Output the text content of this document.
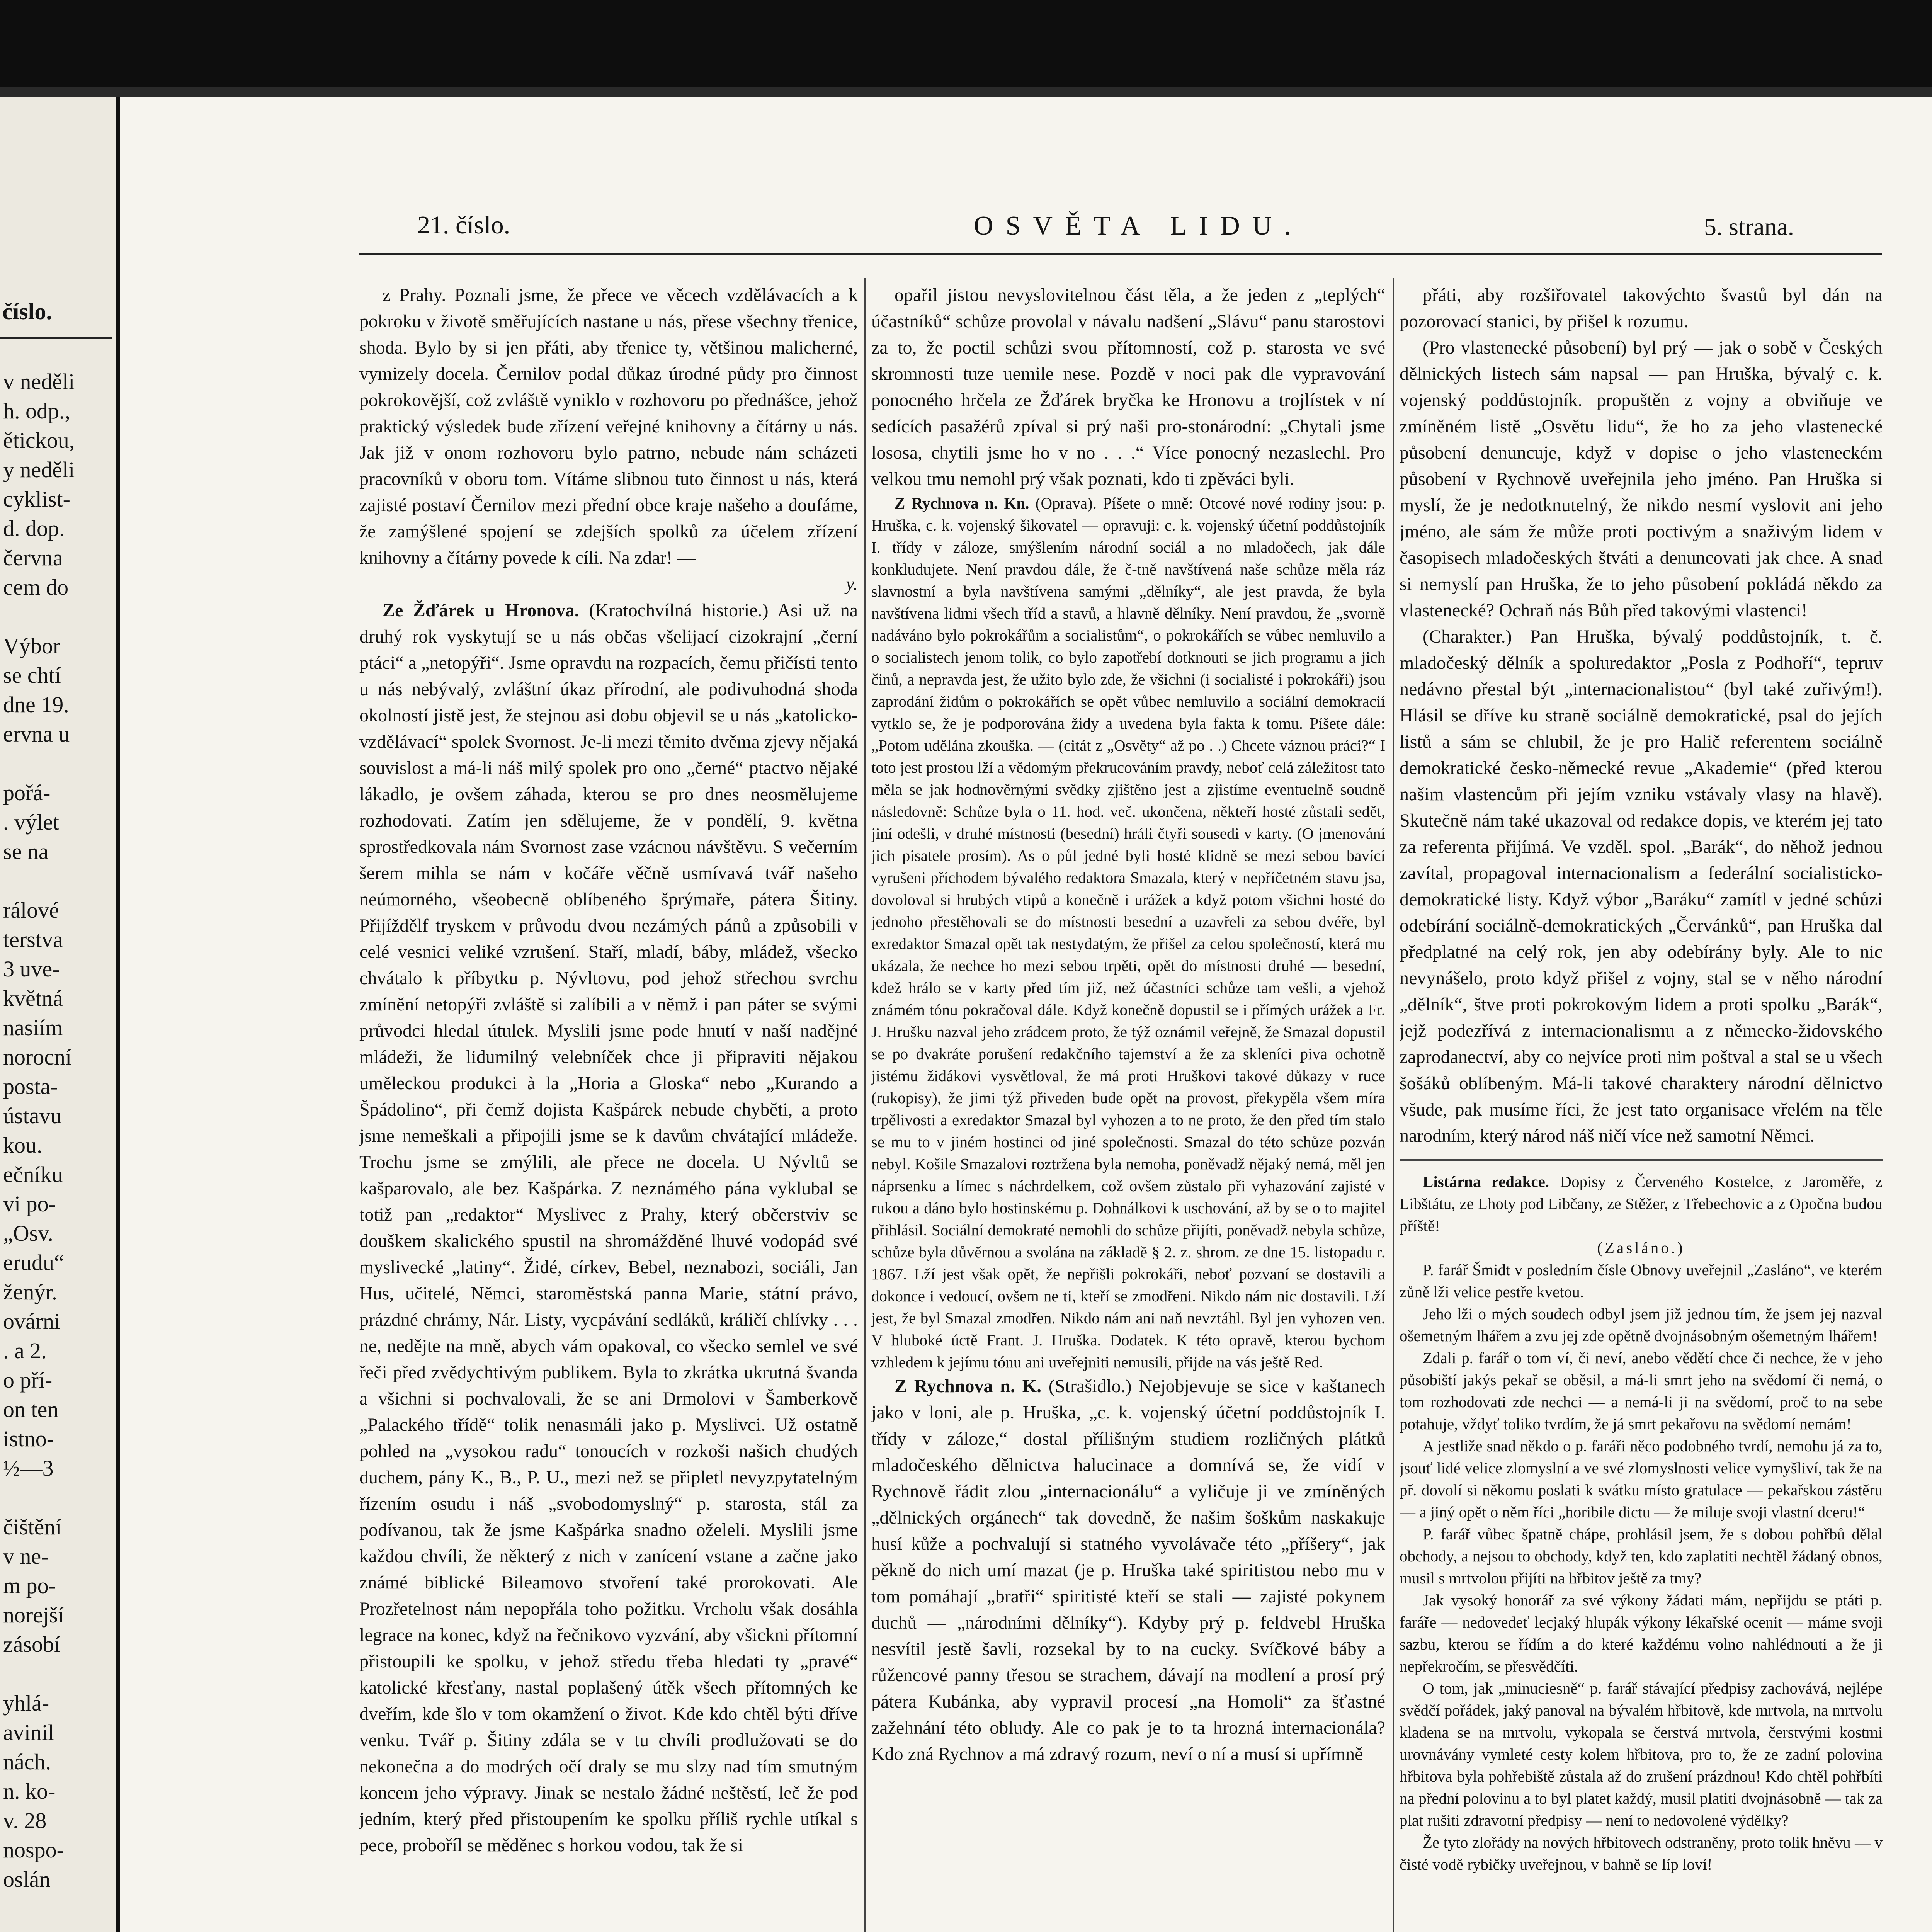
číslo.
v neděli
h. odp.,
ětickou,
y neděli
cyklist-
d. dop.
června
cem do

Výbor
se chtí
dne 19.
ervna u

pořá-
. výlet
se na

rálové
terstva
3 uve-
květná
nasiím
norocní
posta-
ústavu
kou.
ečníku
vi po-
„Osv.
erudu“
ženýr.
ovárni
. a 2.
o pří-
on ten
istno-
½—3

čištění
v ne-
m po-
norejší
zásobí

yhlá-
avinil
nách.
n. ko-
v. 28
nospo-
oslán

21. číslo.	OSVĚTA LIDU.	5. strana.

z Prahy. Poznali jsme, že přece ve věcech vzdělávacích a k pokroku v životě směřujících nastane u nás, přese všechny třenice, shoda. Bylo by si jen přáti, aby třenice ty, většinou malicherné, vymizely docela. Černilov podal důkaz úrodné půdy pro činnost pokrokovější, což zvláště vyniklo v rozhovoru po přednášce, jehož praktický výsledek bude zřízení veřejné knihovny a čítárny u nás. Jak již v onom rozhovoru bylo patrno, nebude nám scházeti pracovníků v oboru tom. Vítáme slibnou tuto činnost u nás, která zajisté postaví Černilov mezi přední obce kraje našeho a doufáme, že zamýšlené spojení se zdejších spolků za účelem zřízení knihovny a čítárny povede k cíli. Na zdar! —

y.

Ze Žďárek u Hronova. (Kratochvílná historie.) Asi už na druhý rok vyskytují se u nás občas všelijací cizokrajní „černí ptáci“ a „netopýři“. Jsme opravdu na rozpacích, čemu přičísti tento u nás nebývalý, zvláštní úkaz přírodní, ale podivuhodná shoda okolností jistě jest, že stejnou asi dobu objevil se u nás „katolicko-vzdělávací“ spolek Svornost. Je-li mezi těmito dvěma zjevy nějaká souvislost a má-li náš milý spolek pro ono „černé“ ptactvo nějaké lákadlo, je ovšem záhada, kterou se pro dnes neosmělujeme rozhodovati. Zatím jen sdělujeme, že v pondělí, 9. května sprostředkovala nám Svornost zase vzácnou návštěvu. S večerním šerem mihla se nám v kočáře věčně usmívavá tvář našeho neúmorného, všeobecně oblíbeného šprýmaře, pátera Šitiny. Přijíždělf tryskem v průvodu dvou nezámých pánů a způsobili v celé vesnici veliké vzrušení. Staří, mladí, báby, mládež, všecko chvátalo k příbytku p. Nývltovu, pod jehož střechou svrchu zmínění netopýři zvláště si zalíbili a v němž i pan páter se svými průvodci hledal útulek. Myslili jsme pode hnutí v naší nadějné mládeži, že lidumilný velebníček chce ji připraviti nějakou uměleckou produkci à la „Horia a Gloska“ nebo „Kurando a Špádolino“, při čemž dojista Kašpárek nebude chyběti, a proto jsme nemeškali a připojili jsme se k davům chvátající mládeže. Trochu jsme se zmýlili, ale přece ne docela. U Nývltů se kašparovalo, ale bez Kašpárka. Z neznámého pána vyklubal se totiž pan „redaktor“ Myslivec z Prahy, který občerstviv se douškem skalického spustil na shromážděné lhuvé vodopád své myslivecké „latiny“. Židé, církev, Bebel, neznabozi, sociáli, Jan Hus, učitelé, Němci, staroměstská panna Marie, státní právo, prázdné chrámy, Nár. Listy, vycpávání sedláků, králičí chlívky . . . ne, nedějte na mně, abych vám opakoval, co všecko semlel ve své řeči před zvědychtivým publikem. Byla to zkrátka ukrutná švanda a všichni si pochvalovali, že se ani Drmolovi v Šamberkově „Palackého třídě“ tolik nenasmáli jako p. Myslivci. Už ostatně pohled na „vysokou radu“ tonoucích v rozkoši našich chudých duchem, pány K., B., P. U., mezi než se připletl nevyzpytatelným řízením osudu i náš „svobodomyslný“ p. starosta, stál za podívanou, tak že jsme Kašpárka snadno oželeli. Myslili jsme každou chvíli, že některý z nich v zanícení vstane a začne jako známé biblické Bileamovo stvoření také prorokovati. Ale Prozřetelnost nám nepopřála toho požitku. Vrcholu však dosáhla legrace na konec, když na řečnikovo vyzvání, aby všickni přítomní přistoupili ke spolku, v jehož středu třeba hledati ty „pravé“ katolické křesťany, nastal poplašený útěk všech přítomných ke dveřím, kde šlo v tom okamžení o život. Kde kdo chtěl býti dříve venku. Tvář p. Šitiny zdála se v tu chvíli prodlužovati se do nekonečna a do modrých očí draly se mu slzy nad tím smutným koncem jeho výpravy. Jinak se nestalo žádné neštěstí, leč že pod jedním, který před přistoupením ke spolku příliš rychle utíkal s pece, proboříl se měděnec s horkou vodou, tak že si

opařil jistou nevyslovitelnou část těla, a že jeden z „teplých“ účastníků“ schůze provolal v návalu nadšení „Slávu“ panu starostovi za to, že poctil schůzi svou přítomností, což p. starosta ve své skromnosti tuze uemile nese. Pozdě v noci pak dle vypravování ponocného hrčela ze Žďárek bryčka ke Hronovu a trojlístek v ní sedících pasažérů zpíval si prý naši pro-stonárodní: „Chytali jsme lososa, chytili jsme ho v no . . .“ Více ponocný nezaslechl. Pro velkou tmu nemohl prý však poznati, kdo ti zpěváci byli.

Z Rychnova n. Kn. (Oprava). Píšete o mně: Otcové nové rodiny jsou: p. Hruška, c. k. vojenský šikovatel — opravuji: c. k. vojenský účetní poddůstojník I. třídy v záloze, smýšlením národní sociál a no mladočech, jak dále konkludujete. Není pravdou dále, že č-tně navštívená naše schůze měla ráz slavnostní a byla navštívena samými „dělníky“, ale jest pravda, že byla navštívena lidmi všech tříd a stavů, a hlavně dělníky. Není pravdou, že „svorně nadáváno bylo pokrokářům a socialistům“, o pokrokářích se vůbec nemluvilo a o socialistech jenom tolik, co bylo zapotřebí dotknouti se jich programu a jich činů, a nepravda jest, že užito bylo zde, že všichni (i socialisté i pokrokáři) jsou zaprodání židům o pokrokářích se opět vůbec nemluvilo a sociální demokracií vytklo se, že je podporována židy a uvedena byla fakta k tomu. Píšete dále: „Potom udělána zkouška. — (citát z „Osvěty“ až po . .) Chcete váznou práci?“ I toto jest prostou lží a vědomým překrucováním pravdy, neboť celá záležitost tato měla se jak hodnověrnými svědky zjištěno jest a zjistíme eventuelně soudně následovně: Schůze byla o 11. hod. več. ukončena, někteří hosté zůstali sedět, jiní odešli, v druhé místnosti (besední) hráli čtyři sousedi v karty. (O jmenování jich pisatele prosím). As o půl jedné byli hosté klidně se mezi sebou bavící vyrušeni příchodem bývalého redaktora Smazala, který v nepříčetném stavu jsa, dovoloval si hrubých vtipů a konečně i urážek a když potom všichni hosté do jednoho přestěhovali se do místnosti besední a uzavřeli za sebou dvéře, byl exredaktor Smazal opět tak nestydatým, že přišel za celou společností, která mu ukázala, že nechce ho mezi sebou trpěti, opět do místnosti druhé — besední, kdež hrálo se v karty před tím již, než účastníci schůze tam vešli, a vjehož známém tónu pokračoval dále. Když konečně dopustil se i přímých urážek a Fr. J. Hrušku nazval jeho zrádcem proto, že týž oznámil veřejně, že Smazal dopustil se po dvakráte porušení redakčního tajemství a že za skleníci piva ochotně jistému židákovi vysvětloval, že má proti Hruškovi takové důkazy v ruce (rukopisy), že jimi týž přiveden bude opět na provost, překypěla všem míra trpělivosti a exredaktor Smazal byl vyhozen a to ne proto, že den před tím stalo se mu to v jiném hostinci od jiné společnosti. Smazal do této schůze pozván nebyl. Košile Smazalovi roztržena byla nemoha, poněvadž nějaký nemá, měl jen náprsenku a límec s náchrdelkem, což ovšem zůstalo při vyhazování zajisté v rukou a dáno bylo hostinskému p. Dohnálkovi k uschování, až by se o to majitel přihlásil. Sociální demokraté nemohli do schůze přijíti, poněvadž nebyla schůze, schůze byla důvěrnou a svolána na základě § 2. z. shrom. ze dne 15. listopadu r. 1867. Lží jest však opět, že nepřišli pokrokáři, neboť pozvaní se dostavili a dokonce i vedoucí, ovšem ne ti, kteří se zmodřeni. Nikdo nám nic dostavili. Lží jest, že byl Smazal zmodřen. Nikdo nám ani naň nevztáhl. Byl jen vyhozen ven. V hluboké úctě Frant. J. Hruška. Dodatek. K této opravě, kterou bychom vzhledem k jejímu tónu ani uveřejniti nemusili, přijde na vás ještě Red.

Z Rychnova n. K. (Strašidlo.) Nejobjevuje se sice v kaštanech jako v loni, ale p. Hruška, „c. k. vojenský účetní poddůstojník I. třídy v záloze,“ dostal přílišným studiem rozličných plátků mladočeského dělnictva halucinace a domnívá se, že vidí v Rychnově řádit zlou „internacionálu“ a vyličuje ji ve zmíněných „dělnických orgánech“ tak dovedně, že našim šoškům naskakuje husí kůže a pochvalují si statného vyvolávače této „příšery“, jak pěkně do nich umí mazat (je p. Hruška také spiritistou nebo mu v tom pomáhají „bratři“ spiritisté kteří se stali — zajisté pokynem duchů — „národními dělníky“). Kdyby prý p. feldvebl Hruška nesvítil jestě šavli, rozsekal by to na cucky. Svíčkové báby a růžencové panny třesou se strachem, dávají na modlení a prosí prý pátera Kubánka, aby vypravil procesí „na Homoli“ za šťastné zažehnání této obludy. Ale co pak je to ta hrozná internacionála? Kdo zná Rychnov a má zdravý rozum, neví o ní a musí si upřímně

přáti, aby rozšiřovatel takovýchto švastů byl dán na pozorovací stanici, by přišel k rozumu.

(Pro vlastenecké působení) byl prý — jak o sobě v Českých dělnických listech sám napsal — pan Hruška, bývalý c. k. vojenský poddůstojník. propuštěn z vojny a obviňuje ve zmíněném listě „Osvětu lidu“, že ho za jeho vlastenecké působení denuncuje, když v dopise o jeho vlasteneckém působení v Rychnově uveřejnila jeho jméno. Pan Hruška si myslí, že je nedotknutelný, že nikdo nesmí vyslovit ani jeho jméno, ale sám že může proti poctivým a snaživým lidem v časopisech mladočeských štváti a denuncovati jak chce. A snad si nemyslí pan Hruška, že to jeho působení pokládá někdo za vlastenecké? Ochraň nás Bůh před takovými vlastenci!

(Charakter.) Pan Hruška, bývalý poddůstojník, t. č. mladočeský dělník a spoluredaktor „Posla z Podhoří“, tepruv nedávno přestal být „internacionalistou“ (byl také zuřivým!). Hlásil se dříve ku straně sociálně demokratické, psal do jejích listů a sám se chlubil, že je pro Halič referentem sociálně demokratické česko-německé revue „Akademie“ (před kterou našim vlastencům při jejím vzniku vstávaly vlasy na hlavě). Skutečně nám také ukazoval od redakce dopis, ve kterém jej tato za referenta přijímá. Ve vzděl. spol. „Barák“, do něhož jednou zavítal, propagoval internacionalism a federální socialisticko-demokratické listy. Když výbor „Baráku“ zamítl v jedné schůzi odebírání sociálně-demokratických „Červánků“, pan Hruška dal předplatné na celý rok, jen aby odebírány byly. Ale to nic nevynášelo, proto když přišel z vojny, stal se v něho národní „dělník“, štve proti pokrokovým lidem a proti spolku „Barák“, jejž podezřívá z internacionalismu a z německo-židovského zaprodanectví, aby co nejvíce proti nim poštval a stal se u všech šošáků oblíbeným. Má-li takové charaktery národní dělnictvo všude, pak musíme říci, že jest tato organisace vřelém na těle narodním, který národ náš ničí více než samotní Němci.

Listárna redakce. Dopisy z Červeného Kostelce, z Jaroměře, z Libštátu, ze Lhoty pod Libčany, ze Stěžer, z Třebechovic a z Opočna budou příště!

(Zasláno.)

P. farář Šmidt v posledním čísle Obnovy uveřejnil „Zasláno“, ve kterém zůně lži velice pestře kvetou.

Jeho lži o mých soudech odbyl jsem již jednou tím, že jsem jej nazval ošemetným lhářem a zvu jej zde opětně dvojnásobným ošemetným lhářem!

Zdali p. farář o tom ví, či neví, anebo vědětí chce či nechce, že v jeho působiští jakýs pekař se oběsil, a má-li smrt jeho na svědomí či nemá, o tom rozhodovati zde nechci — a nemá-li ji na svědomí, proč to na sebe potahuje, vždyť toliko tvrdím, že já smrt pekařovu na svědomí nemám!

A jestliže snad někdo o p. faráři něco podobného tvrdí, nemohu já za to, jsouť lidé velice zlomyslní a ve své zlomyslnosti velice vymyšliví, tak že na př. dovolí si někomu poslati k svátku místo gratulace — pekařskou zástěru — a jiný opět o něm říci „horibile dictu — že miluje svoji vlastní dceru!“

P. farář vůbec špatně chápe, prohlásil jsem, že s dobou pohřbů dělal obchody, a nejsou to obchody, když ten, kdo zaplatiti nechtěl žádaný obnos, musil s mrtvolou přijíti na hřbitov ještě za tmy?

Jak vysoký honorář za své výkony žádati mám, nepřijdu se ptáti p. faráře — nedovedeť lecjaký hlupák výkony lékařské ocenit — máme svoji sazbu, kterou se řídím a do které každému volno nahlédnouti a že ji nepřekročím, se přesvědčíti.

O tom, jak „minuciesně“ p. farář stávající předpisy zachovává, nejlépe svědčí pořádek, jaký panoval na bývalém hřbitově, kde mrtvola, na mrtvolu kladena se na mrtvolu, vykopala se čerstvá mrtvola, čerstvými kostmi urovnávány vymleté cesty kolem hřbitova, pro to, že ze zadní polovina hřbitova byla pohřebiště zůstala až do zrušení prázdnou! Kdo chtěl pohřbíti na přední polovinu a to byl platet každý, musil platiti dvojnásobně — tak za plat rušiti zdravotní předpisy — není to nedovolené výdělky?

Že tyto zlořády na nových hřbitovech odstraněny, proto tolik hněvu — v čisté vodě rybičky uveřejnou, v bahně se líp loví!
